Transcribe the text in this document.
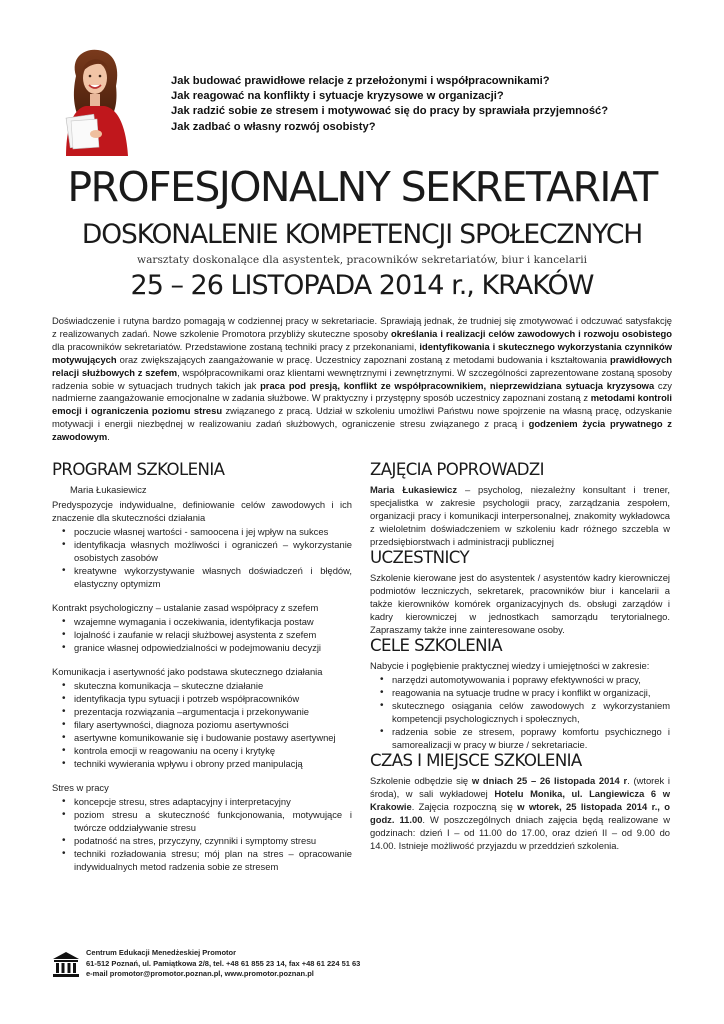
Jak budować prawidłowe relacje z przełożonymi i współpracownikami?
Jak reagować na konflikty i sytuacje kryzysowe w organizacji?
Jak radzić sobie ze stresem i motywować się do pracy by sprawiała przyjemność?
Jak zadbać o własny rozwój osobisty?
PROFESJONALNY SEKRETARIAT
DOSKONALENIE KOMPETENCJI SPOŁECZNYCH
warsztaty doskonalące dla asystentek, pracowników sekretariatów, biur i kancelarii
25 – 26 LISTOPADA 2014 r., KRAKÓW
Doświadczenie i rutyna bardzo pomagają w codziennej pracy w sekretariacie. Sprawiają jednak, że trudniej się zmotywować i odczuwać satysfakcję z realizowanych zadań. Nowe szkolenie Promotora przybliży skuteczne sposoby określania i realizacji celów zawodowych i rozwoju osobistego dla pracowników sekretariatów. Przedstawione zostaną techniki pracy z przekonaniami, identyfikowania i skutecznego wykorzystania czynników motywujących oraz zwiększających zaangażowanie w pracę. Uczestnicy zapoznani zostaną z metodami budowania i kształtowania prawidłowych relacji służbowych z szefem, współpracownikami oraz klientami wewnętrznymi i zewnętrznymi. W szczególności zaprezentowane zostaną sposoby radzenia sobie w sytuacjach trudnych takich jak praca pod presją, konflikt ze współpracownikiem, nieprzewidziana sytuacja kryzysowa czy nadmierne zaangażowanie emocjonalne w zadania służbowe. W praktyczny i przystępny sposób uczestnicy zapoznani zostaną z metodami kontroli emocji i ograniczenia poziomu stresu związanego z pracą. Udział w szkoleniu umożliwi Państwu nowe spojrzenie na własną pracę, odzyskanie motywacji i energii niezbędnej w realizowaniu zadań służbowych, ograniczenie stresu związanego z pracą i godzeniem życia prywatnego z zawodowym.
PROGRAM SZKOLENIA
Maria Łukasiewicz
Predyspozycje indywidualne, definiowanie celów zawodowych i ich znaczenie dla skuteczności działania
• poczucie własnej wartości - samoocena i jej wpływ na sukces
• identyfikacja własnych możliwości i ograniczeń – wykorzystanie osobistych zasobów
• kreatywne wykorzystywanie własnych doświadczeń i błędów, elastyczny optymizm
Kontrakt psychologiczny – ustalanie zasad współpracy z szefem
• wzajemne wymagania i oczekiwania, identyfikacja postaw
• lojalność i zaufanie w relacji służbowej asystenta z szefem
• granice własnej odpowiedzialności w podejmowaniu decyzji
Komunikacja i asertywność jako podstawa skutecznego działania
• skuteczna komunikacja – skuteczne działanie
• identyfikacja typu sytuacji i potrzeb współpracowników
• prezentacja rozwiązania –argumentacja i przekonywanie
• filary asertywności, diagnoza poziomu asertywności
• asertywne komunikowanie się i budowanie postawy asertywnej
• kontrola emocji w reagowaniu na oceny i krytykę
• techniki wywierania wpływu i obrony przed manipulacją
Stres w pracy
• koncepcje stresu, stres adaptacyjny i interpretacyjny
• poziom stresu a skuteczność funkcjonowania, motywujące i twórcze oddziaływanie stresu
• podatność na stres, przyczyny, czynniki i symptomy stresu
• techniki rozładowania stresu; mój plan na stres – opracowanie indywidualnych metod radzenia sobie ze stresem
ZAJĘCIA POPROWADZI
Maria Łukasiewicz – psycholog, niezależny konsultant i trener, specjalistka w zakresie psychologii pracy, zarządzania zespołem, organizacji pracy i komunikacji interpersonalnej, znakomity wykładowca z wieloletnim doświadczeniem w szkoleniu kadr różnego szczebla w przedsiębiorstwach i administracji publicznej
UCZESTNICY
Szkolenie kierowane jest do asystentek / asystentów kadry kierowniczej podmiotów leczniczych, sekretarek, pracowników biur i kancelarii a także kierowników komórek organizacyjnych ds. obsługi zarządów i kadry kierowniczej w jednostkach samorządu terytorialnego. Zapraszamy także inne zainteresowane osoby.
CELE SZKOLENIA
Nabycie i pogłębienie praktycznej wiedzy i umiejętności w zakresie:
• narzędzi automotywowania i poprawy efektywności w pracy,
• reagowania na sytuacje trudne w pracy i konflikt w organizacji,
• skutecznego osiągania celów zawodowych z wykorzystaniem kompetencji psychologicznych i społecznych,
• radzenia sobie ze stresem, poprawy komfortu psychicznego i samorealizacji w pracy w biurze / sekretariacie.
CZAS I MIEJSCE SZKOLENIA
Szkolenie odbędzie się w dniach 25 – 26 listopada 2014 r. (wtorek i środa), w sali wykładowej Hotelu Monika, ul. Langiewicza 6 w Krakowie. Zajęcia rozpoczną się w wtorek, 25 listopada 2014 r., o godz. 11.00. W poszczególnych dniach zajęcia będą realizowane w godzinach: dzień I – od 11.00 do 17.00, oraz dzień II – od 9.00 do 14.00. Istnieje możliwość przyjazdu w przeddzień szkolenia.
Centrum Edukacji Menedżeskiej Promotor
61-512 Poznań, ul. Pamiątkowa 2/8, tel. +48 61 855 23 14, fax +48 61 224 51 63
e-mail promotor@promotor.poznan.pl, www.promotor.poznan.pl
